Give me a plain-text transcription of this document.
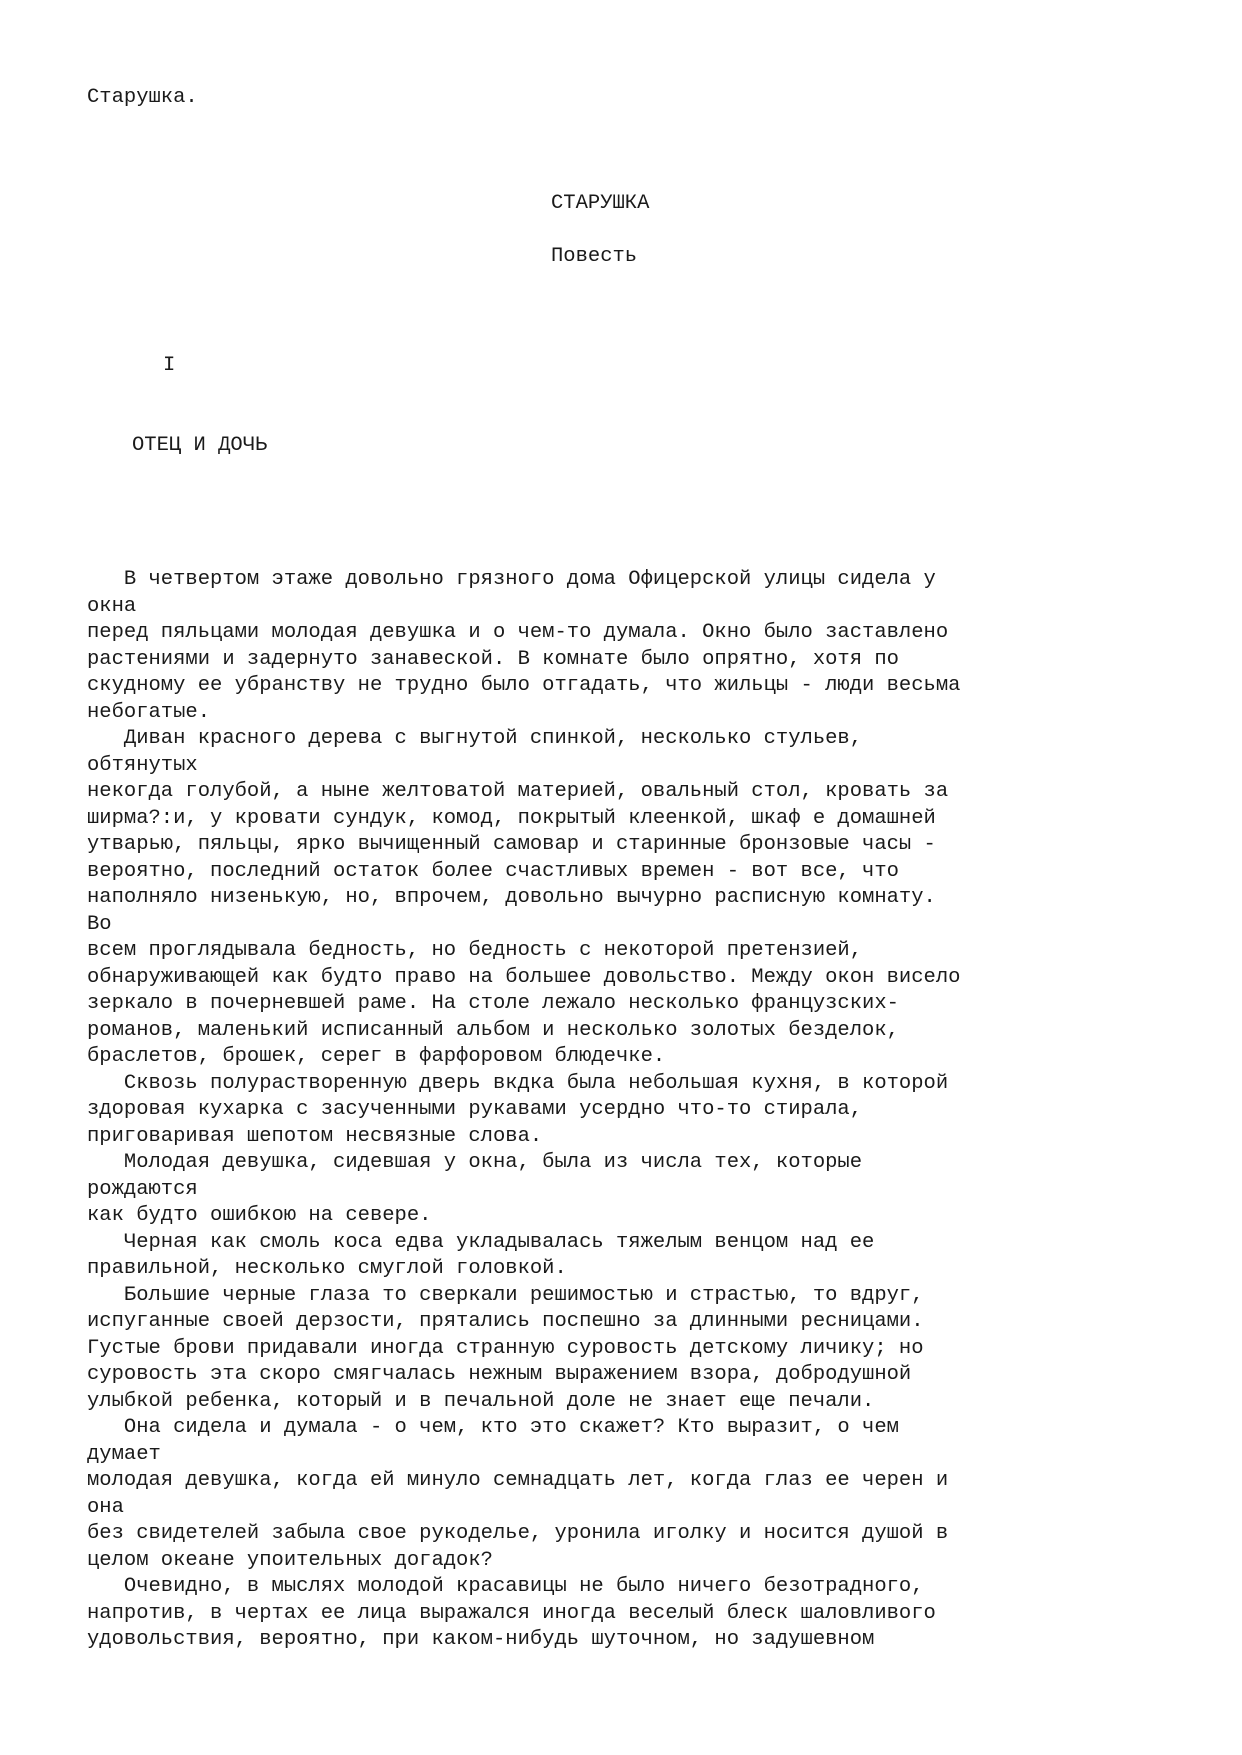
Старушка.

СТАРУШКА

Повесть

I

ОТЕЦ И ДОЧЬ

В четвертом этаже довольно грязного дома Офицерской улицы сидела у
окна
перед пяльцами молодая девушка и о чем-то думала. Окно было заставлено
растениями и задернуто занавеской. В комнате было опрятно, хотя по
скудному ее убранству не трудно было отгадать, что жильцы - люди весьма
небогатые.
Диван красного дерева с выгнутой спинкой, несколько стульев,
обтянутых
некогда голубой, а ныне желтоватой материей, овальный стол, кровать за
ширма?:и, у кровати сундук, комод, покрытый клеенкой, шкаф е домашней
утварью, пяльцы, ярко вычищенный самовар и старинные бронзовые часы -
вероятно, последний остаток более счастливых времен - вот все, что
наполняло низенькую, но, впрочем, довольно вычурно расписную комнату.
Во
всем проглядывала бедность, но бедность с некоторой претензией,
обнаруживающей как будто право на большее довольство. Между окон висело
зеркало в почерневшей раме. На столе лежало несколько французских-
романов, маленький исписанный альбом и несколько золотых безделок,
браслетов, брошек, серег в фарфоровом блюдечке.
Сквозь полурастворенную дверь вкдка была небольшая кухня, в которой
здоровая кухарка с засученными рукавами усердно что-то стирала,
приговаривая шепотом несвязные слова.
Молодая девушка, сидевшая у окна, была из числа тех, которые
рождаются
как будто ошибкою на севере.
Черная как смоль коса едва укладывалась тяжелым венцом над ее
правильной, несколько смуглой головкой.
Большие черные глаза то сверкали решимостью и страстью, то вдруг,
испуганные своей дерзости, прятались поспешно за длинными ресницами.
Густые брови придавали иногда странную суровость детскому личику; но
суровость эта скоро смягчалась нежным выражением взора, добродушной
улыбкой ребенка, который и в печальной доле не знает еще печали.
Она сидела и думала - о чем, кто это скажет? Кто выразит, о чем
думает
молодая девушка, когда ей минуло семнадцать лет, когда глаз ее черен и
она
без свидетелей забыла свое рукоделье, уронила иголку и носится душой в
целом океане упоительных догадок?
Очевидно, в мыслях молодой красавицы не было ничего безотрадного,
напротив, в чертах ее лица выражался иногда веселый блеск шаловливого
удовольствия, вероятно, при каком-нибудь шуточном, но задушевном
